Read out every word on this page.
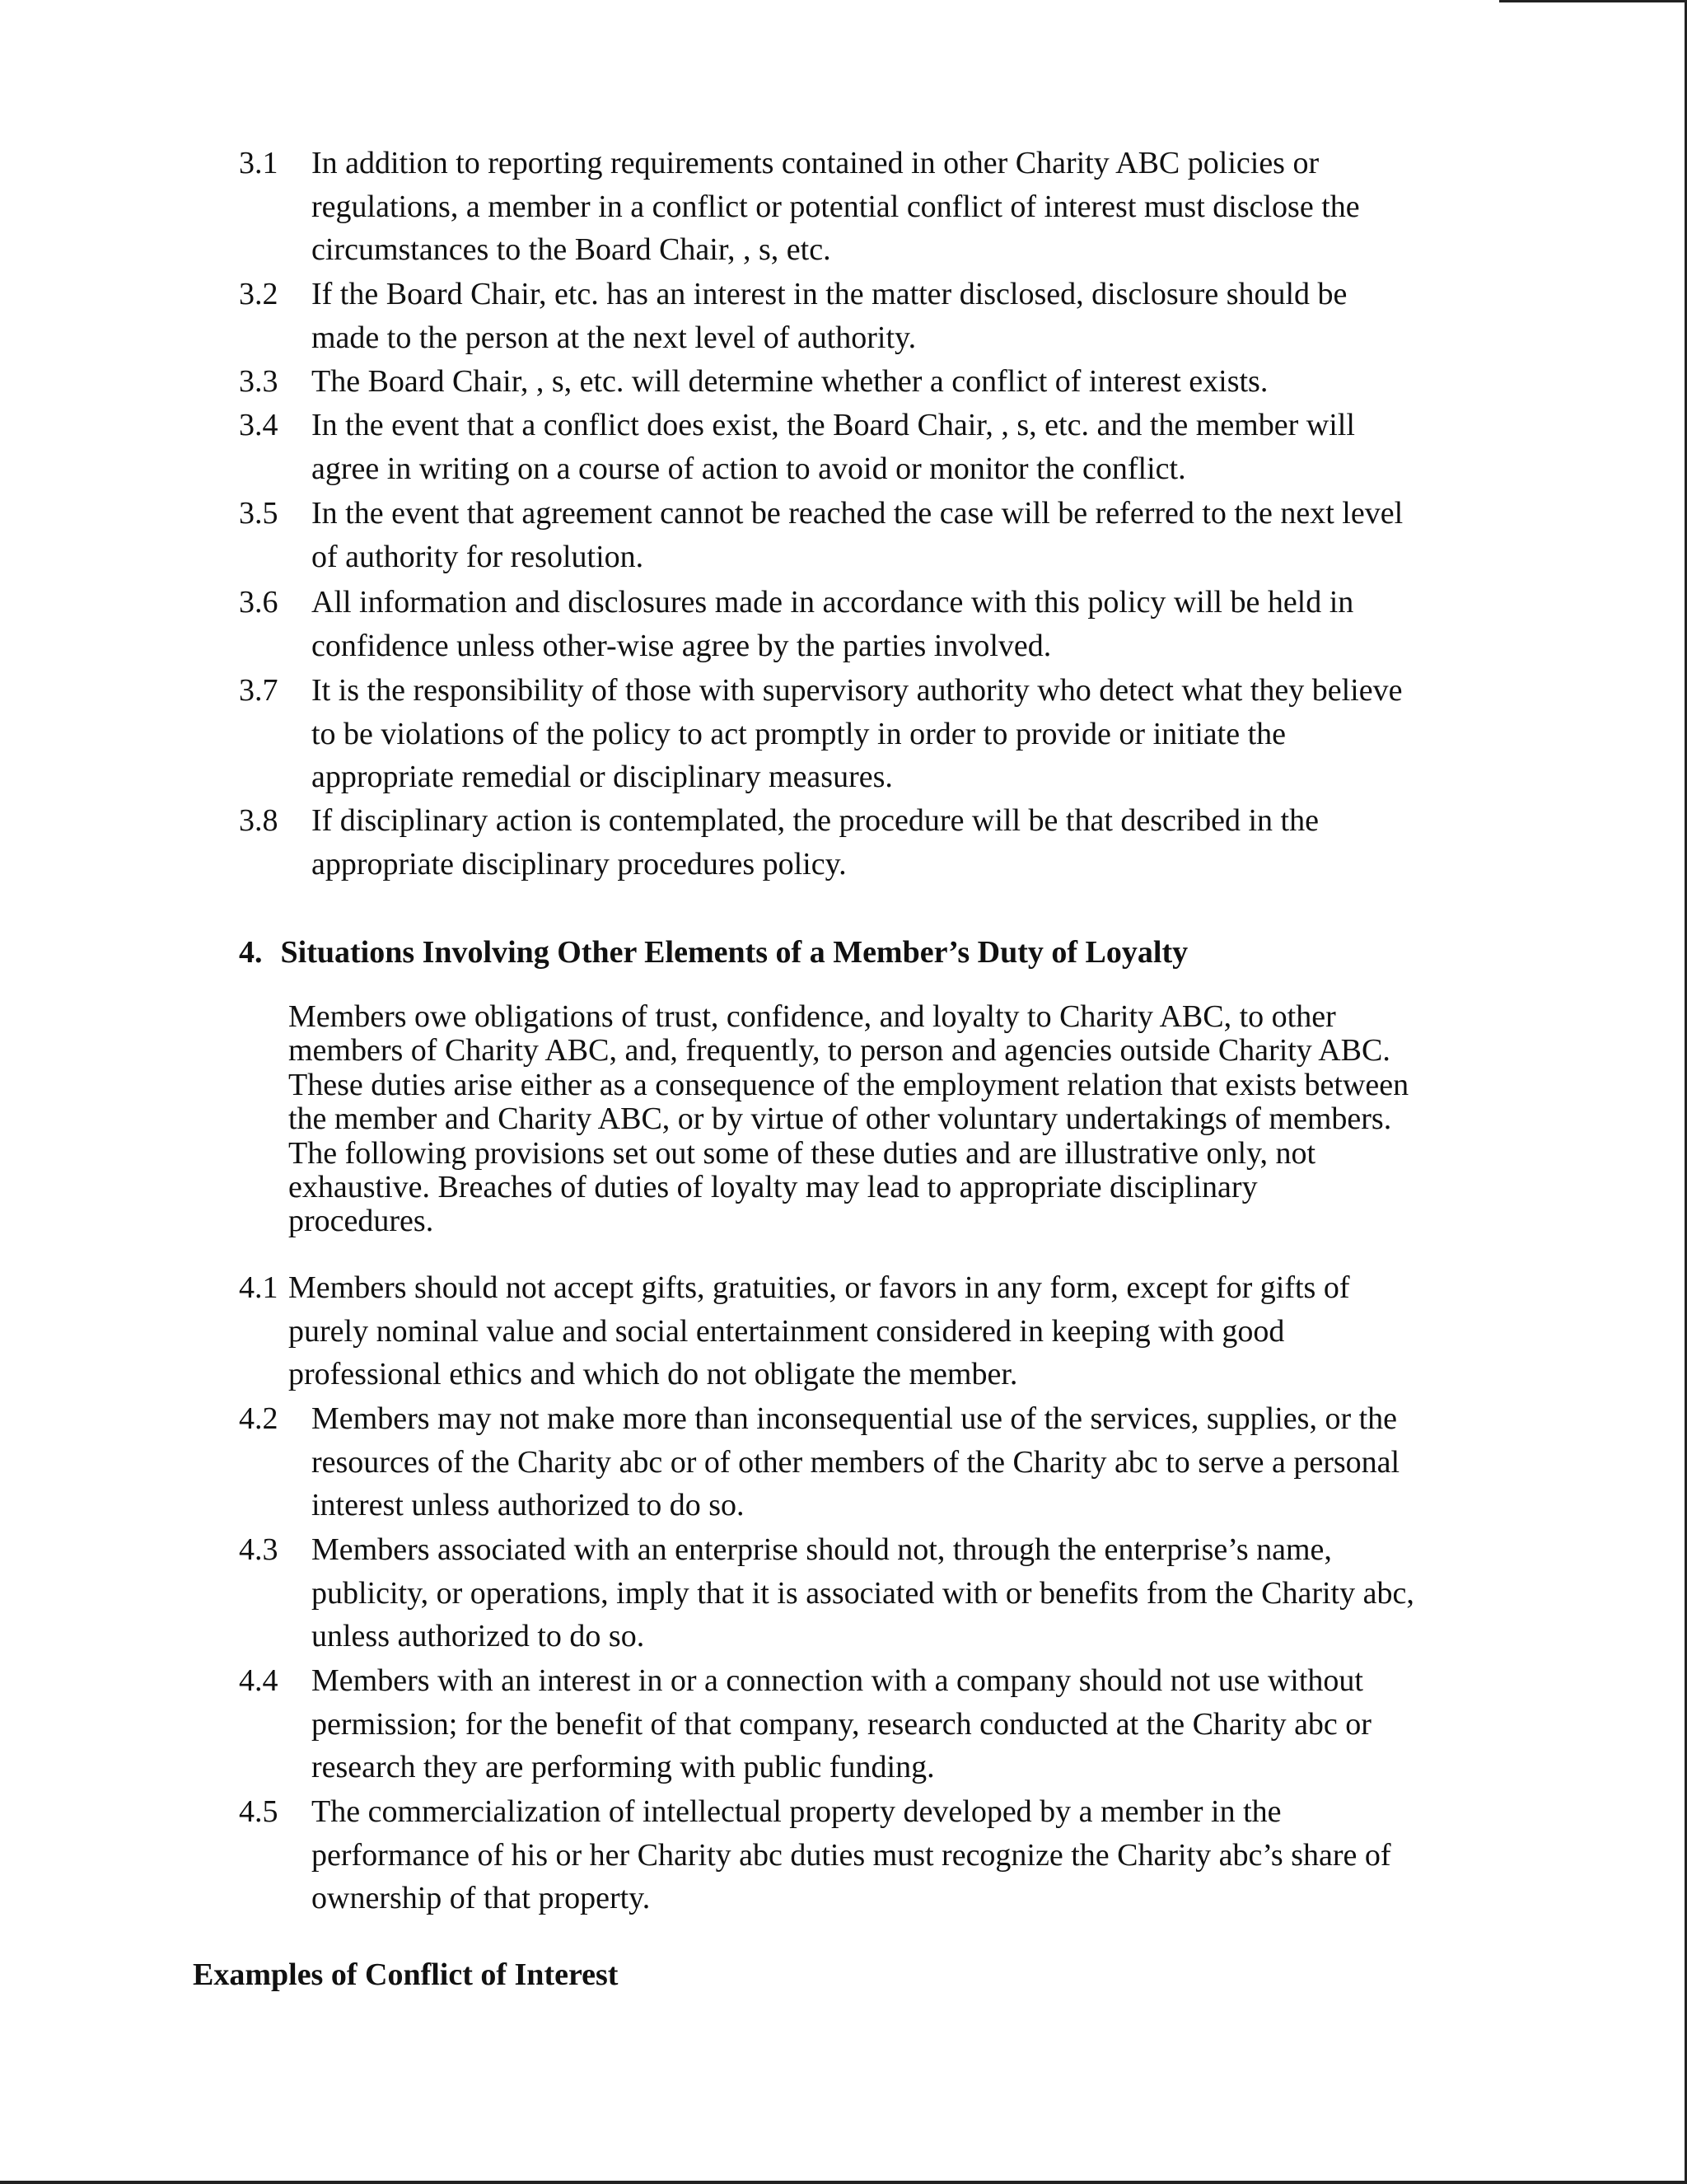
3.1 In addition to reporting requirements contained in other Charity ABC policies or
regulations, a member in a conflict or potential conflict of interest must disclose the
circumstances to the Board Chair, , s, etc.
3.2 If the Board Chair, etc. has an interest in the matter disclosed, disclosure should be
made to the person at the next level of authority.
3.3 The Board Chair, , s, etc. will determine whether a conflict of interest exists.
3.4 In the event that a conflict does exist, the Board Chair, , s, etc. and the member will
agree in writing on a course of action to avoid or monitor the conflict.
3.5 In the event that agreement cannot be reached the case will be referred to the next level
of authority for resolution.
3.6 All information and disclosures made in accordance with this policy will be held in
confidence unless other-wise agree by the parties involved.
3.7 It is the responsibility of those with supervisory authority who detect what they believe
to be violations of the policy to act promptly in order to provide or initiate the
appropriate remedial or disciplinary measures.
3.8 If disciplinary action is contemplated, the procedure will be that described in the
appropriate disciplinary procedures policy.
4. Situations Involving Other Elements of a Member’s Duty of Loyalty
Members owe obligations of trust, confidence, and loyalty to Charity ABC, to other
members of Charity ABC, and, frequently, to person and agencies outside Charity ABC.
These duties arise either as a consequence of the employment relation that exists between
the member and Charity ABC, or by virtue of other voluntary undertakings of members.
The following provisions set out some of these duties and are illustrative only, not
exhaustive. Breaches of duties of loyalty may lead to appropriate disciplinary
procedures.
4.1 Members should not accept gifts, gratuities, or favors in any form, except for gifts of
purely nominal value and social entertainment considered in keeping with good
professional ethics and which do not obligate the member.
4.2 Members may not make more than inconsequential use of the services, supplies, or the
resources of the Charity abc or of other members of the Charity abc to serve a personal
interest unless authorized to do so.
4.3 Members associated with an enterprise should not, through the enterprise’s name,
publicity, or operations, imply that it is associated with or benefits from the Charity abc,
unless authorized to do so.
4.4 Members with an interest in or a connection with a company should not use without
permission; for the benefit of that company, research conducted at the Charity abc or
research they are performing with public funding.
4.5 The commercialization of intellectual property developed by a member in the
performance of his or her Charity abc duties must recognize the Charity abc’s share of
ownership of that property.
Examples of Conflict of Interest
